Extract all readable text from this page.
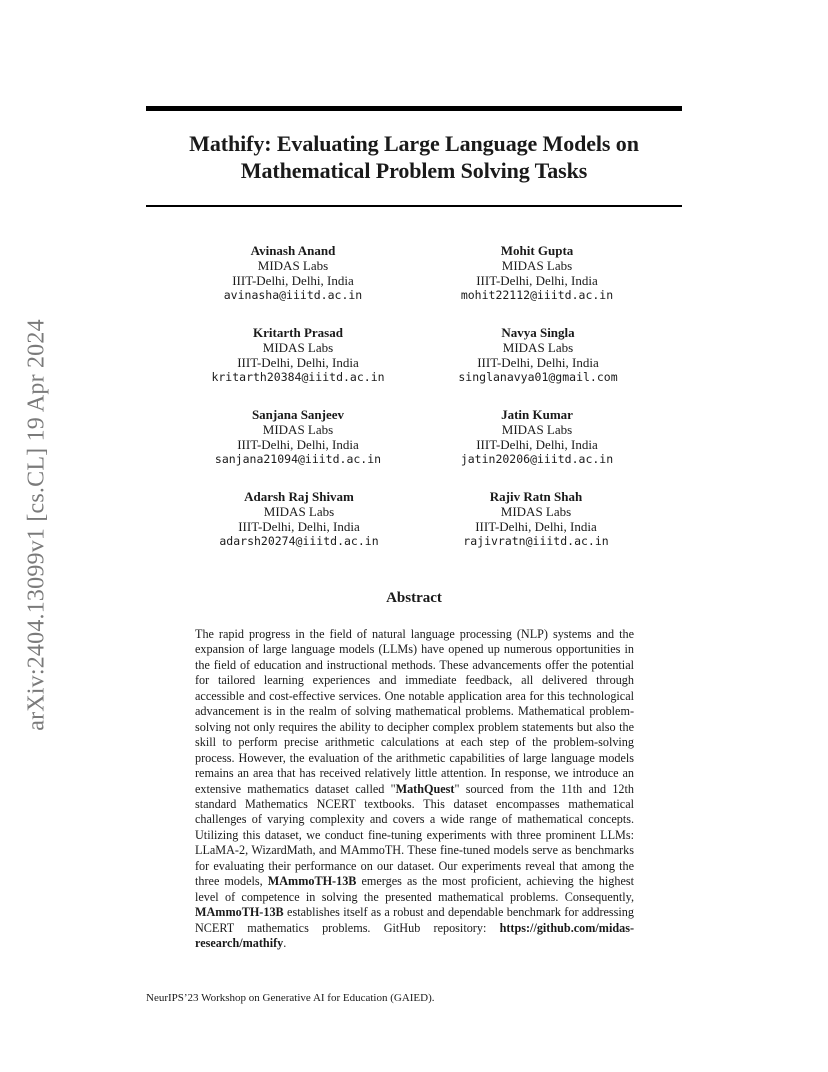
Mathify: Evaluating Large Language Models on
Mathematical Problem Solving Tasks
arXiv:2404.13099v1 [cs.CL] 19 Apr 2024
Avinash Anand
MIDAS Labs
IIIT-Delhi, Delhi, India
avinasha@iiitd.ac.in
Mohit Gupta
MIDAS Labs
IIIT-Delhi, Delhi, India
mohit22112@iiitd.ac.in
Kritarth Prasad
MIDAS Labs
IIIT-Delhi, Delhi, India
kritarth20384@iiitd.ac.in
Navya Singla
MIDAS Labs
IIIT-Delhi, Delhi, India
singlanavya01@gmail.com
Sanjana Sanjeev
MIDAS Labs
IIIT-Delhi, Delhi, India
sanjana21094@iiitd.ac.in
Jatin Kumar
MIDAS Labs
IIIT-Delhi, Delhi, India
jatin20206@iiitd.ac.in
Adarsh Raj Shivam
MIDAS Labs
IIIT-Delhi, Delhi, India
adarsh20274@iiitd.ac.in
Rajiv Ratn Shah
MIDAS Labs
IIIT-Delhi, Delhi, India
rajivratn@iiitd.ac.in
Abstract
The rapid progress in the field of natural language processing (NLP) systems and the expansion of large language models (LLMs) have opened up numerous opportunities in the field of education and instructional methods. These advancements offer the potential for tailored learning experiences and immediate feedback, all delivered through accessible and cost-effective services. One notable application area for this technological advancement is in the realm of solving mathematical problems. Mathematical problem-solving not only requires the ability to decipher complex problem statements but also the skill to perform precise arithmetic calculations at each step of the problem-solving process. However, the evaluation of the arithmetic capabilities of large language models remains an area that has received relatively little attention. In response, we introduce an extensive mathematics dataset called "MathQuest" sourced from the 11th and 12th standard Mathematics NCERT textbooks. This dataset encompasses mathematical challenges of varying complexity and covers a wide range of mathematical concepts. Utilizing this dataset, we conduct fine-tuning experiments with three prominent LLMs: LLaMA-2, WizardMath, and MAmmoTH. These fine-tuned models serve as benchmarks for evaluating their performance on our dataset. Our experiments reveal that among the three models, MAmmoTH-13B emerges as the most proficient, achieving the highest level of competence in solving the presented mathematical problems. Consequently, MAmmoTH-13B establishes itself as a robust and dependable benchmark for addressing NCERT mathematics problems. GitHub repository: https://github.com/midas-research/mathify.
NeurIPS’23 Workshop on Generative AI for Education (GAIED).
